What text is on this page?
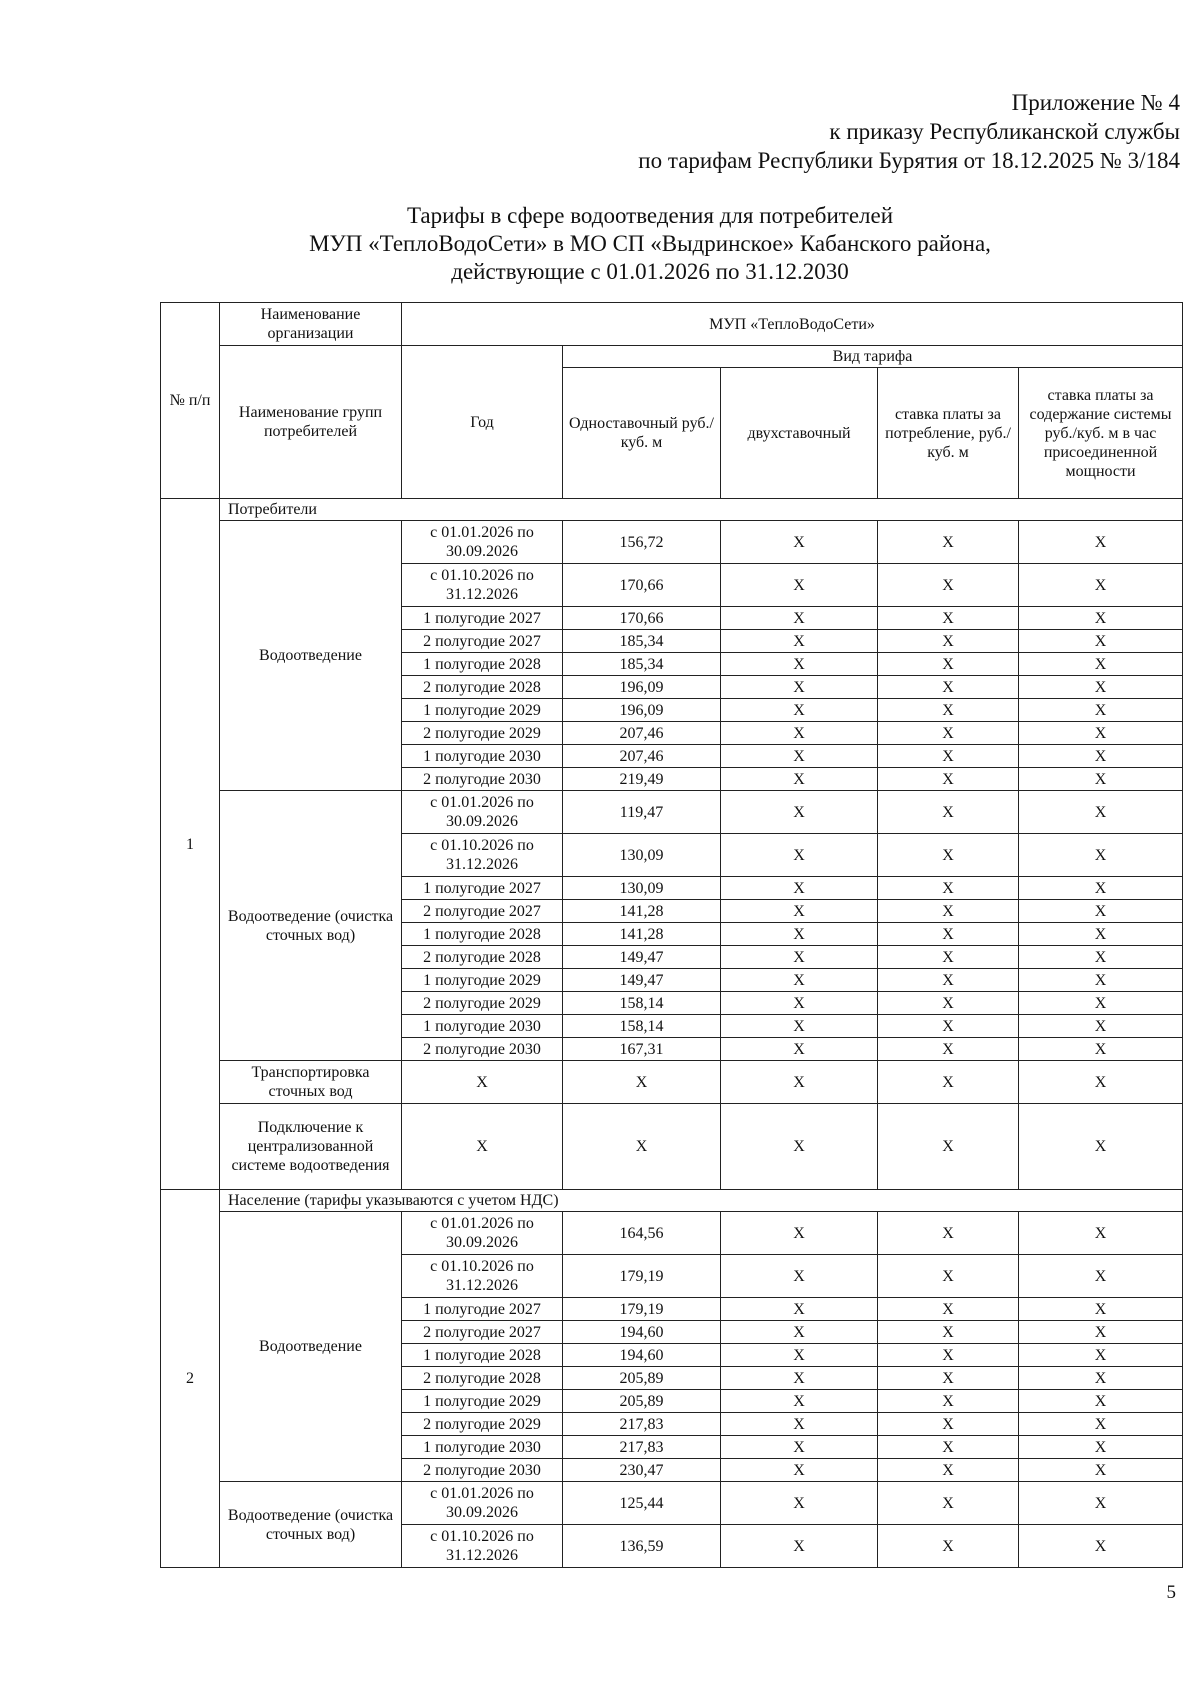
Приложение № 4
к приказу Республиканской службы
по тарифам Республики Бурятия от 18.12.2025 № 3/184
Тарифы в сфере водоотведения для потребителей
МУП «ТеплоВодоСети» в МО СП «Выдринское» Кабанского района,
действующие с 01.01.2026 по 31.12.2030
№ п/п	Наименование организации	МУП «ТеплоВодоСети»				
	Наименование групп потребителей	Год	Вид тарифа			
			Одноставочный руб./ куб. м	двухставочный	ставка платы за потребление, руб./ куб. м	ставка платы за содержание системы руб./куб. м в час присоединенной мощности
1	Потребители					
	Водоотведение	с 01.01.2026 по 30.09.2026	156,72	X	X	X
		с 01.10.2026 по 31.12.2026	170,66	X	X	X
		1 полугодие 2027	170,66	X	X	X
		2 полугодие 2027	185,34	X	X	X
		1 полугодие 2028	185,34	X	X	X
		2 полугодие 2028	196,09	X	X	X
		1 полугодие 2029	196,09	X	X	X
		2 полугодие 2029	207,46	X	X	X
		1 полугодие 2030	207,46	X	X	X
		2 полугодие 2030	219,49	X	X	X
	Водоотведение (очистка сточных вод)	с 01.01.2026 по 30.09.2026	119,47	X	X	X
		с 01.10.2026 по 31.12.2026	130,09	X	X	X
		1 полугодие 2027	130,09	X	X	X
		2 полугодие 2027	141,28	X	X	X
		1 полугодие 2028	141,28	X	X	X
		2 полугодие 2028	149,47	X	X	X
		1 полугодие 2029	149,47	X	X	X
		2 полугодие 2029	158,14	X	X	X
		1 полугодие 2030	158,14	X	X	X
		2 полугодие 2030	167,31	X	X	X
	Транспортировка сточных вод	X	X	X	X	X
	Подключение к централизованной системе водоотведения	X	X	X	X	X
2	Население (тарифы указываются с учетом НДС)					
	Водоотведение	с 01.01.2026 по 30.09.2026	164,56	X	X	X
		с 01.10.2026 по 31.12.2026	179,19	X	X	X
		1 полугодие 2027	179,19	X	X	X
		2 полугодие 2027	194,60	X	X	X
		1 полугодие 2028	194,60	X	X	X
		2 полугодие 2028	205,89	X	X	X
		1 полугодие 2029	205,89	X	X	X
		2 полугодие 2029	217,83	X	X	X
		1 полугодие 2030	217,83	X	X	X
		2 полугодие 2030	230,47	X	X	X
	Водоотведение (очистка сточных вод)	с 01.01.2026 по 30.09.2026	125,44	X	X	X
		с 01.10.2026 по 31.12.2026	136,59	X	X	X
5
